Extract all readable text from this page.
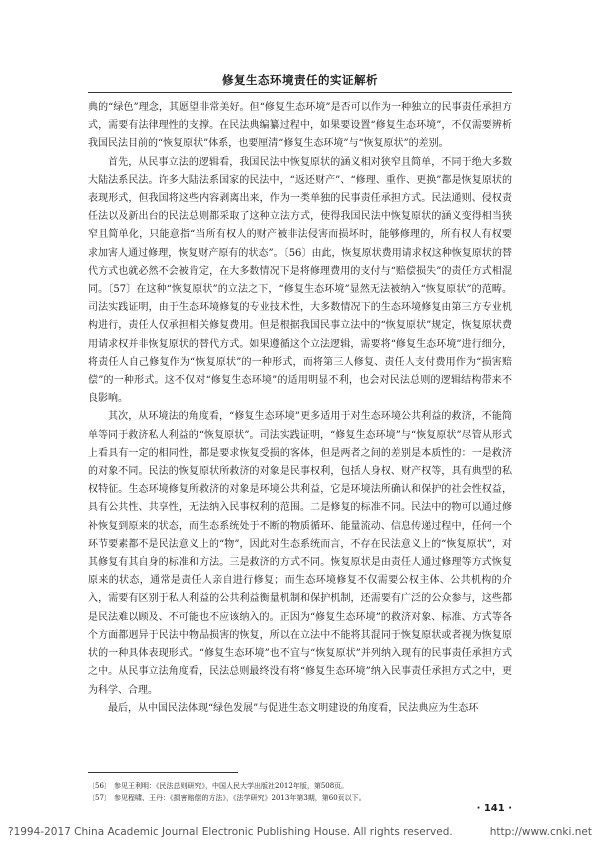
修复生态环境责任的实证解析

典的“绿色”理念，其愿望非常美好。但“修复生态环境”是否可以作为一种独立的民事责任承担方式，需要有法律理性的支撑。在民法典编纂过程中，如果要设置“修复生态环境”，不仅需要辨析我国民法目前的“恢复原状”体系，也要厘清“修复生态环境”与“恢复原状”的差别。

首先，从民事立法的逻辑看，我国民法中恢复原状的涵义相对狭窄且简单，不同于绝大多数大陆法系民法。许多大陆法系国家的民法中，“返还财产”、“修理、重作、更换”都是恢复原状的表现形式，但我国将这些内容剥离出来，作为一类单独的民事责任承担方式。民法通则、侵权责任法以及新出台的民法总则都采取了这种立法方式，使得我国民法中恢复原状的涵义变得相当狭窄且简单化，只能意指“当所有权人的财产被非法侵害而损坏时，能够修理的，所有权人有权要求加害人通过修理，恢复财产原有的状态”。〔56〕由此，恢复原状费用请求权这种恢复原状的替代方式也就必然不会被肯定，在大多数情况下是将修理费用的支付与“赔偿损失”的责任方式相混同。〔57〕在这种“恢复原状”的立法之下，“修复生态环境”显然无法被纳入“恢复原状”的范畴。司法实践证明，由于生态环境修复的专业技术性，大多数情况下的生态环境修复由第三方专业机构进行，责任人仅承担相关修复费用。但是根据我国民事立法中的“恢复原状”规定，恢复原状费用请求权并非恢复原状的替代方式。如果遵循这个立法逻辑，需要将“修复生态环境”进行细分，将责任人自己修复作为“恢复原状”的一种形式，而将第三人修复、责任人支付费用作为“损害赔偿”的一种形式。这不仅对“修复生态环境”的适用明显不利，也会对民法总则的逻辑结构带来不良影响。

其次，从环境法的角度看，“修复生态环境”更多适用于对生态环境公共利益的救济，不能简单等同于救济私人利益的“恢复原状”。司法实践证明，“修复生态环境”与“恢复原状”尽管从形式上看具有一定的相同性，都是要求恢复受损的客体，但是两者之间的差别是本质性的：一是救济的对象不同。民法的恢复原状所救济的对象是民事权利，包括人身权、财产权等，具有典型的私权特征。生态环境修复所救济的对象是环境公共利益，它是环境法所确认和保护的社会性权益，具有公共性、共享性，无法纳入民事权利的范围。二是修复的标准不同。民法中的物可以通过修补恢复到原来的状态，而生态系统处于不断的物质循环、能量流动、信息传递过程中，任何一个环节要素都不是民法意义上的“物”，因此对生态系统而言，不存在民法意义上的“恢复原状”，对其修复有其自身的标准和方法。三是救济的方式不同。恢复原状是由责任人通过修理等方式恢复原来的状态，通常是责任人亲自进行修复；而生态环境修复不仅需要公权主体、公共机构的介入，需要有区别于私人利益的公共利益衡量机制和保护机制，还需要有广泛的公众参与，这些都是民法难以顾及、不可能也不应该纳入的。正因为“修复生态环境”的救济对象、标准、方式等各个方面都迥异于民法中物品损害的恢复，所以在立法中不能将其混同于恢复原状或者视为恢复原状的一种具体表现形式。“修复生态环境”也不宜与“恢复原状”并列纳入现有的民事责任承担方式之中。从民事立法角度看，民法总则最终没有将“修复生态环境”纳入民事责任承担方式之中，更为科学、合理。

最后，从中国民法体现“绿色发展”与促进生态文明建设的角度看，民法典应为生态环

〔56〕 参见王利明：《民法总则研究》，中国人民大学出版社2012年版，第508页。
〔57〕 参见程啸、王丹：《损害赔偿的方法》，《法学研究》2013年第3期，第60页以下。
· 141 ·
?1994-2017 China Academic Journal Electronic Publishing House. All rights reserved.	http://www.cnki.net
